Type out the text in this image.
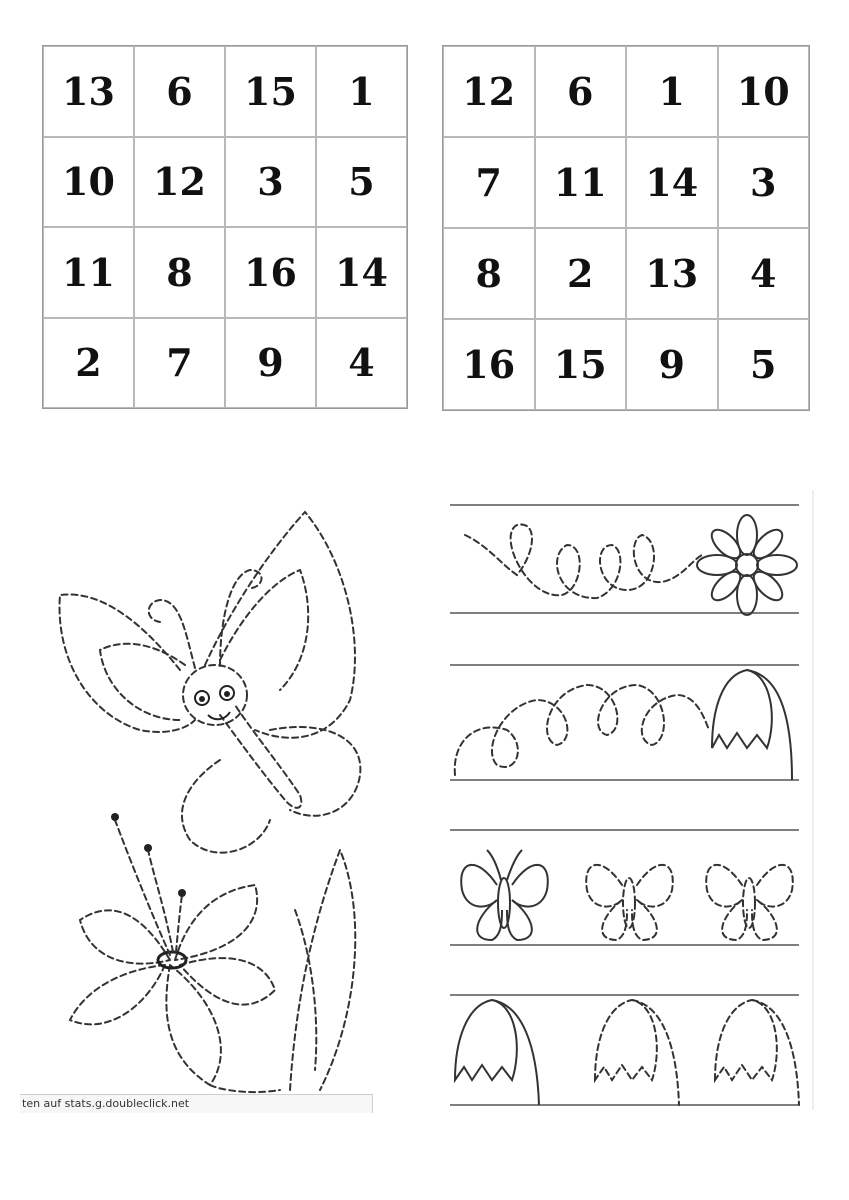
13	6	15	1
10	12	3	5
11	8	16	14
2	7	9	4
12	6	1	10
7	11	14	3
8	2	13	4
16	15	9	5
ten auf stats.g.doubleclick.net
